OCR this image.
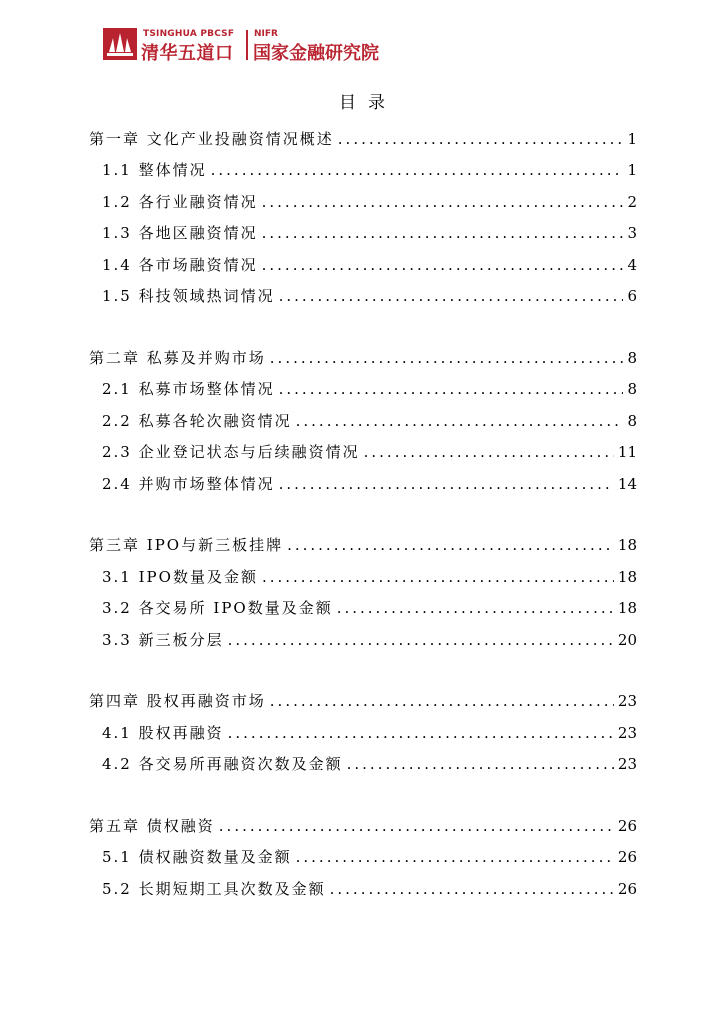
TSINGHUA PBCSF
清华五道口
NIFR
国家金融研究院
目录
第一章 文化产业投融资情况概述 .....	1
1.1 整体情况 .....	1
1.2 各行业融资情况 .....	2
1.3 各地区融资情况 .....	3
1.4 各市场融资情况 .....	4
1.5 科技领域热词情况 .....	6
第二章 私募及并购市场 .....	8
2.1 私募市场整体情况 .....	8
2.2 私募各轮次融资情况 .....	8
2.3 企业登记状态与后续融资情况 .....	11
2.4 并购市场整体情况 .....	14
第三章 IPO与新三板挂牌 .....	18
3.1 IPO数量及金额 .....	18
3.2 各交易所 IPO数量及金额 .....	18
3.3 新三板分层 .....	20
第四章 股权再融资市场 .....	23
4.1 股权再融资 .....	23
4.2 各交易所再融资次数及金额 .....	23
第五章 债权融资 .....	26
5.1 债权融资数量及金额 .....	26
5.2 长期短期工具次数及金额 .....	26
